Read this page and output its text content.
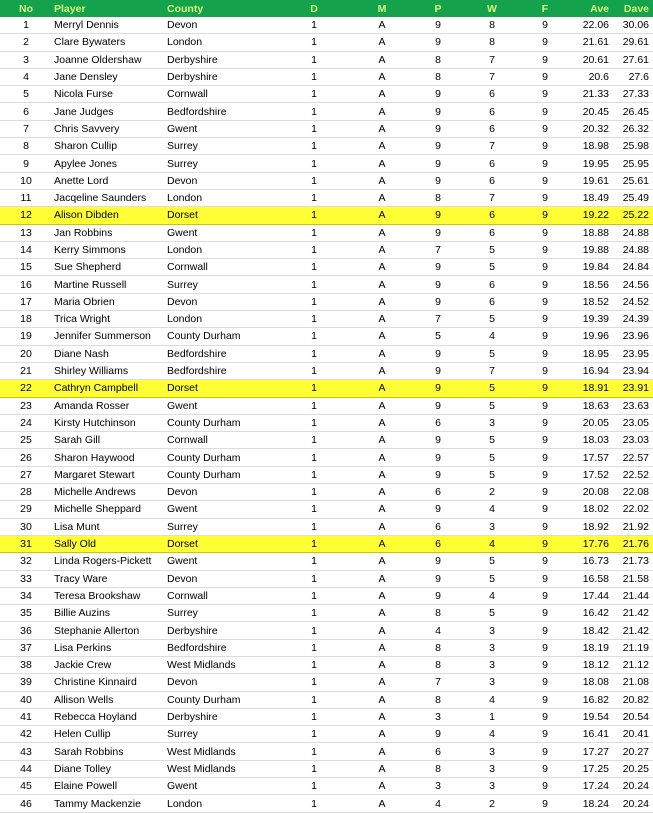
No	Player	County	D	M	P	W	F	Ave	Dave
1	Merryl Dennis	Devon	1	A	9	8	9	22.06	30.06
2	Clare Bywaters	London	1	A	9	8	9	21.61	29.61
3	Joanne Oldershaw	Derbyshire	1	A	8	7	9	20.61	27.61
4	Jane Densley	Derbyshire	1	A	8	7	9	20.6	27.6
5	Nicola Furse	Cornwall	1	A	9	6	9	21.33	27.33
6	Jane Judges	Bedfordshire	1	A	9	6	9	20.45	26.45
7	Chris Savvery	Gwent	1	A	9	6	9	20.32	26.32
8	Sharon Cullip	Surrey	1	A	9	7	9	18.98	25.98
9	Apylee Jones	Surrey	1	A	9	6	9	19.95	25.95
10	Anette Lord	Devon	1	A	9	6	9	19.61	25.61
11	Jacqeline Saunders	London	1	A	8	7	9	18.49	25.49
12	Alison Dibden	Dorset	1	A	9	6	9	19.22	25.22
13	Jan Robbins	Gwent	1	A	9	6	9	18.88	24.88
14	Kerry Simmons	London	1	A	7	5	9	19.88	24.88
15	Sue Shepherd	Cornwall	1	A	9	5	9	19.84	24.84
16	Martine Russell	Surrey	1	A	9	6	9	18.56	24.56
17	Maria Obrien	Devon	1	A	9	6	9	18.52	24.52
18	Trica Wright	London	1	A	7	5	9	19.39	24.39
19	Jennifer Summerson	County Durham	1	A	5	4	9	19.96	23.96
20	Diane Nash	Bedfordshire	1	A	9	5	9	18.95	23.95
21	Shirley Williams	Bedfordshire	1	A	9	7	9	16.94	23.94
22	Cathryn Campbell	Dorset	1	A	9	5	9	18.91	23.91
23	Amanda Rosser	Gwent	1	A	9	5	9	18.63	23.63
24	Kirsty Hutchinson	County Durham	1	A	6	3	9	20.05	23.05
25	Sarah Gill	Cornwall	1	A	9	5	9	18.03	23.03
26	Sharon Haywood	County Durham	1	A	9	5	9	17.57	22.57
27	Margaret Stewart	County Durham	1	A	9	5	9	17.52	22.52
28	Michelle Andrews	Devon	1	A	6	2	9	20.08	22.08
29	Michelle Sheppard	Gwent	1	A	9	4	9	18.02	22.02
30	Lisa Munt	Surrey	1	A	6	3	9	18.92	21.92
31	Sally Old	Dorset	1	A	6	4	9	17.76	21.76
32	Linda Rogers-Pickett	Gwent	1	A	9	5	9	16.73	21.73
33	Tracy Ware	Devon	1	A	9	5	9	16.58	21.58
34	Teresa Brookshaw	Cornwall	1	A	9	4	9	17.44	21.44
35	Billie Auzins	Surrey	1	A	8	5	9	16.42	21.42
36	Stephanie Allerton	Derbyshire	1	A	4	3	9	18.42	21.42
37	Lisa Perkins	Bedfordshire	1	A	8	3	9	18.19	21.19
38	Jackie Crew	West Midlands	1	A	8	3	9	18.12	21.12
39	Christine Kinnaird	Devon	1	A	7	3	9	18.08	21.08
40	Allison Wells	County Durham	1	A	8	4	9	16.82	20.82
41	Rebecca Hoyland	Derbyshire	1	A	3	1	9	19.54	20.54
42	Helen Cullip	Surrey	1	A	9	4	9	16.41	20.41
43	Sarah Robbins	West Midlands	1	A	6	3	9	17.27	20.27
44	Diane Tolley	West Midlands	1	A	8	3	9	17.25	20.25
45	Elaine Powell	Gwent	1	A	3	3	9	17.24	20.24
46	Tammy Mackenzie	London	1	A	4	2	9	18.24	20.24
